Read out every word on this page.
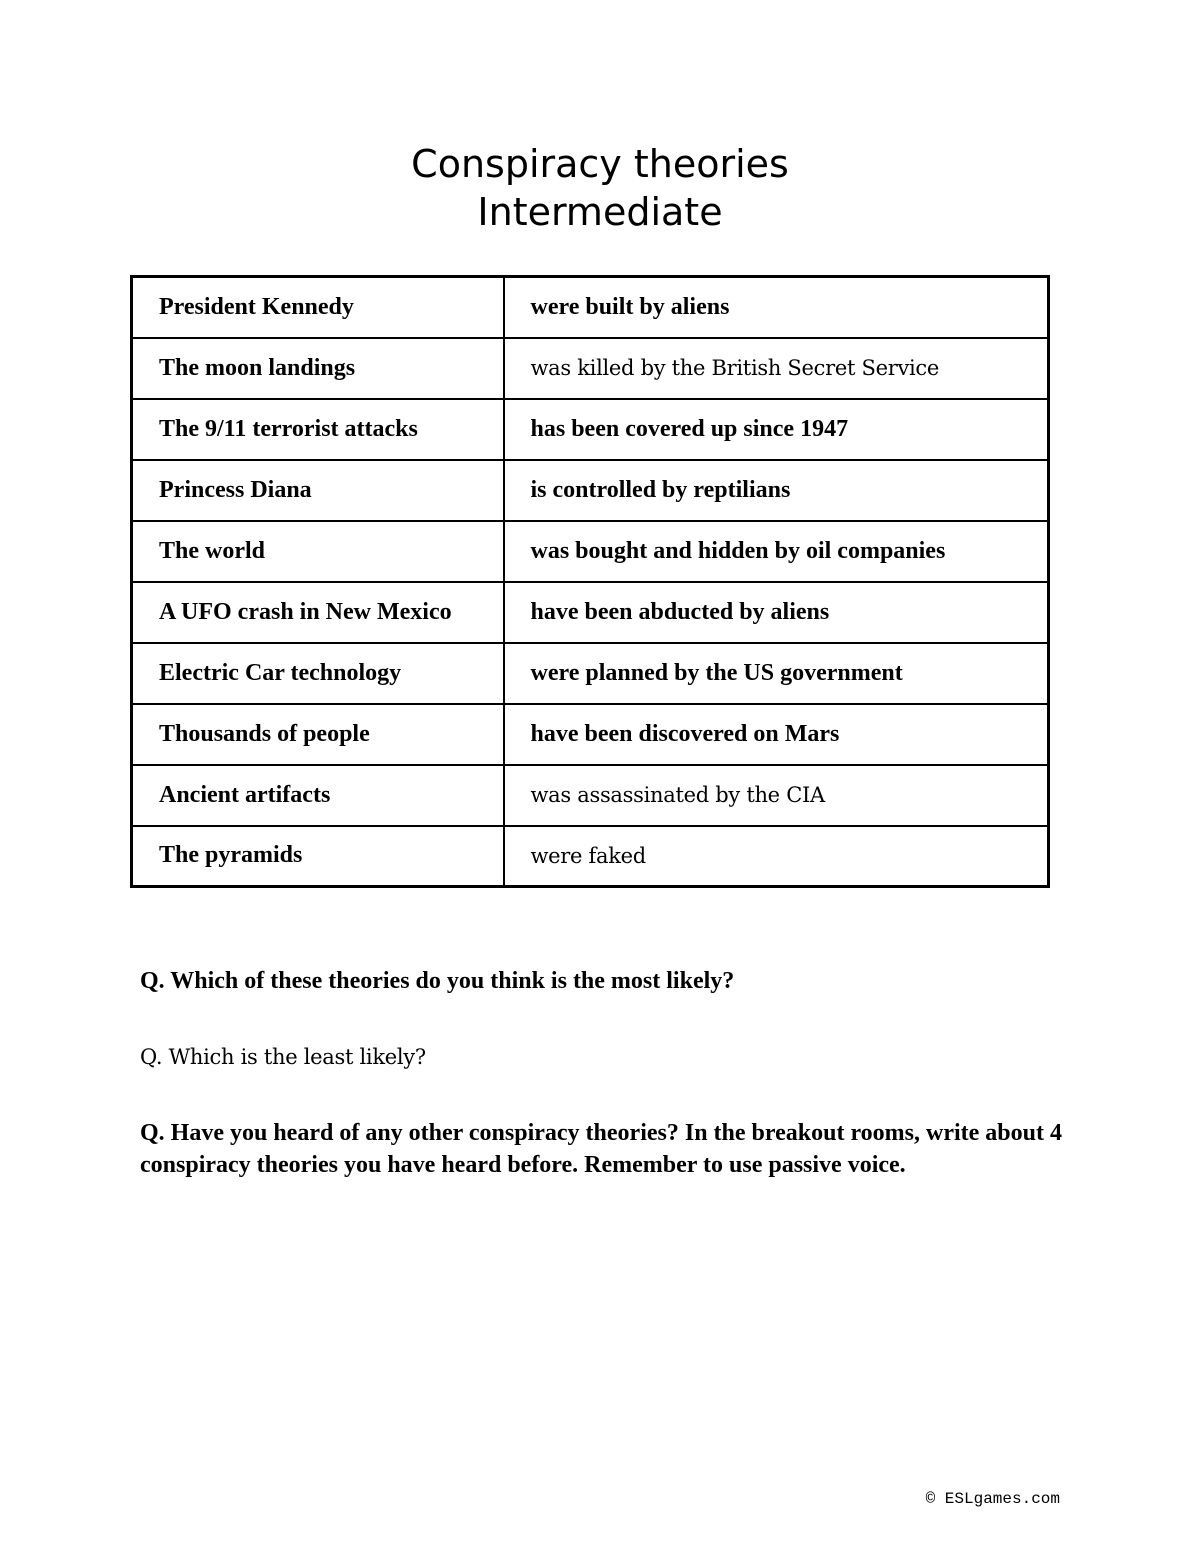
Conspiracy theories
Intermediate
President Kennedy	were built by aliens
The moon landings	was killed by the British Secret Service
The 9/11 terrorist attacks	has been covered up since 1947
Princess Diana	is controlled by reptilians
The world	was bought and hidden by oil companies
A UFO crash in New Mexico	have been abducted by aliens
Electric Car technology	were planned by the US government
Thousands of people	have been discovered on Mars
Ancient artifacts	was assassinated by the CIA
The pyramids	were faked

Q. Which of these theories do you think is the most likely?

Q. Which is the least likely?

Q. Have you heard of any other conspiracy theories? In the breakout rooms, write about 4 conspiracy theories you have heard before. Remember to use passive voice.

© ESLgames.com
